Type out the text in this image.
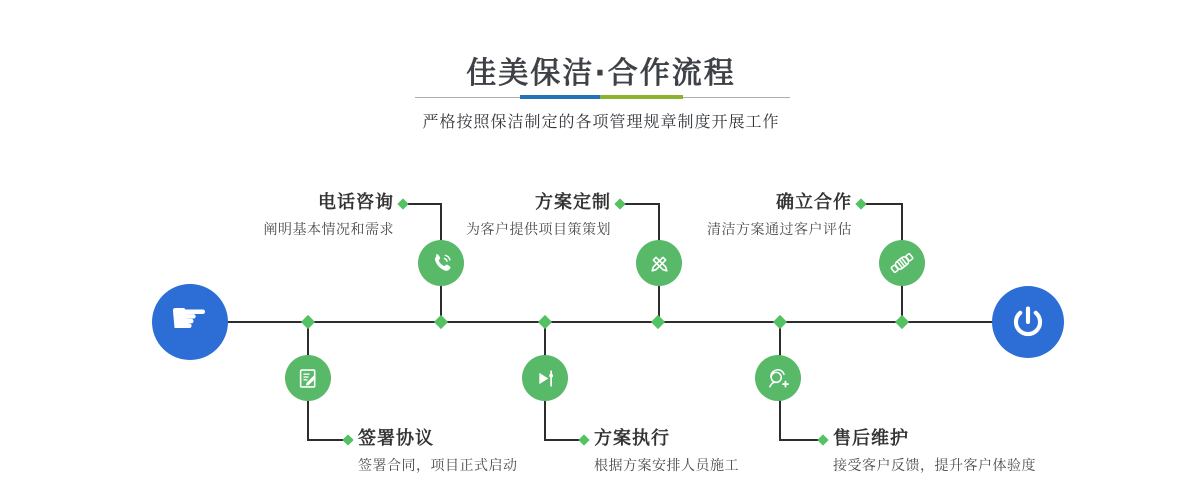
佳美保洁·合作流程
严格按照保洁制定的各项管理规章制度开展工作
☛
电话咨询
阐明基本情况和需求
方案定制
为客户提供项目策策划
确立合作
清洁方案通过客户评估
签署协议
签署合同，项目正式启动
方案执行
根据方案安排人员施工
售后维护
接受客户反馈，提升客户体验度
